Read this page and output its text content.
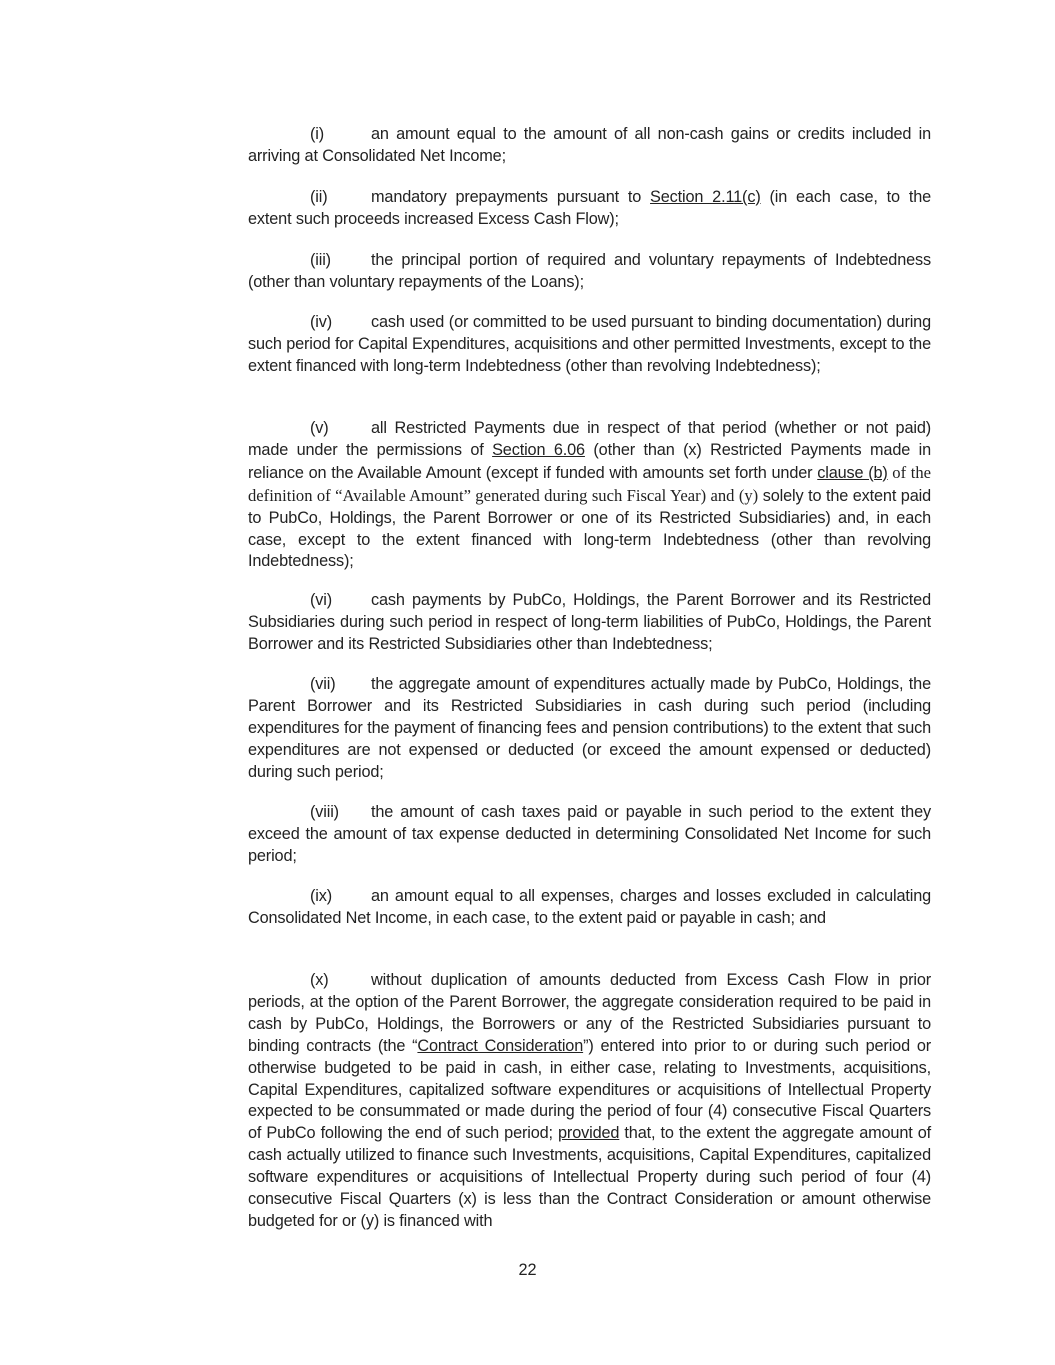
(i)	an amount equal to the amount of all non-cash gains or credits included in arriving at Consolidated Net Income;
(ii)	mandatory prepayments pursuant to Section 2.11(c) (in each case, to the extent such proceeds increased Excess Cash Flow);
(iii) the principal portion of required and voluntary repayments of Indebtedness (other than voluntary repayments of the Loans);
(iv) cash used (or committed to be used pursuant to binding documentation) during such period for Capital Expenditures, acquisitions and other permitted Investments, except to the extent financed with long-term Indebtedness (other than revolving Indebtedness);
(v)	all Restricted Payments due in respect of that period (whether or not paid) made under the permissions of Section 6.06 (other than (x) Restricted Payments made in reliance on the Available Amount (except if funded with amounts set forth under clause (b) of the definition of “Available Amount” generated during such Fiscal Year) and (y) solely to the extent paid to PubCo, Holdings, the Parent Borrower or one of its Restricted Subsidiaries) and, in each case, except to the extent financed with long-term Indebtedness (other than revolving Indebtedness);
(vi) cash payments by PubCo, Holdings, the Parent Borrower and its Restricted Subsidiaries during such period in respect of long-term liabilities of PubCo, Holdings, the Parent Borrower and its Restricted Subsidiaries other than Indebtedness;
(vii) the aggregate amount of expenditures actually made by PubCo, Holdings, the Parent Borrower and its Restricted Subsidiaries in cash during such period (including expenditures for the payment of financing fees and pension contributions) to the extent that such expenditures are not expensed or deducted (or exceed the amount expensed or deducted) during such period;
(viii) the amount of cash taxes paid or payable in such period to the extent they exceed the amount of tax expense deducted in determining Consolidated Net Income for such period;
(ix) an amount equal to all expenses, charges and losses excluded in calculating Consolidated Net Income, in each case, to the extent paid or payable in cash; and
(x)	without duplication of amounts deducted from Excess Cash Flow in prior periods, at the option of the Parent Borrower, the aggregate consideration required to be paid in cash by PubCo, Holdings, the Borrowers or any of the Restricted Subsidiaries pursuant to binding contracts (the “Contract Consideration”) entered into prior to or during such period or otherwise budgeted to be paid in cash, in either case, relating to Investments, acquisitions, Capital Expenditures, capitalized software expenditures or acquisitions of Intellectual Property expected to be consummated or made during the period of four (4) consecutive Fiscal Quarters of PubCo following the end of such period; provided that, to the extent the aggregate amount of cash actually utilized to finance such Investments, acquisitions, Capital Expenditures, capitalized software expenditures or acquisitions of Intellectual Property during such period of four (4) consecutive Fiscal Quarters (x) is less than the Contract Consideration or amount otherwise budgeted for or (y) is financed with
22
